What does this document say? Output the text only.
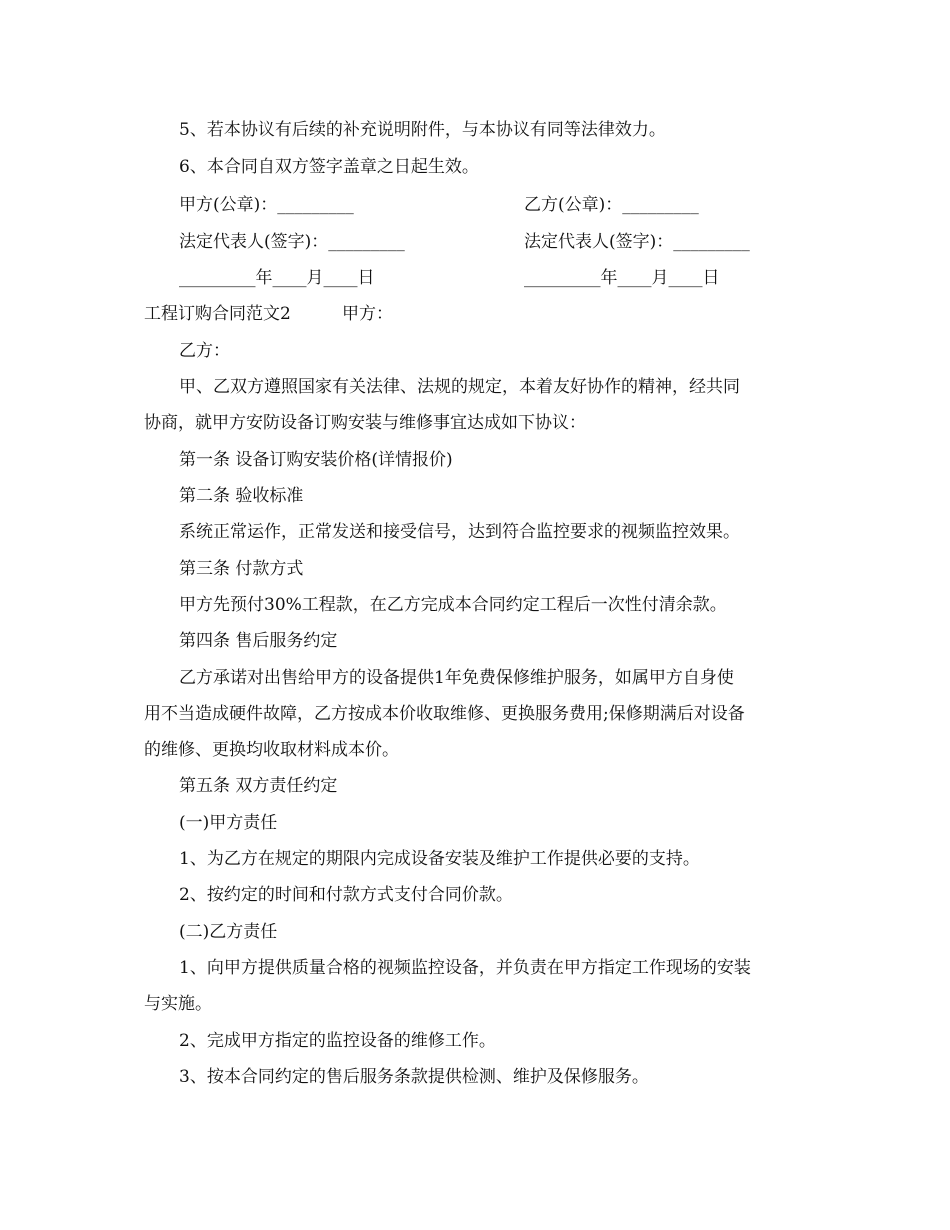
5、若本协议有后续的补充说明附件，与本协议有同等法律效力。
6、本合同自双方签字盖章之日起生效。
甲方(公章)：_________	乙方(公章)：_________
法定代表人(签字)：_________	法定代表人(签字)：_________
_________年____月____日	_________年____月____日
工程订购合同范文2	甲方：
乙方：
甲、乙双方遵照国家有关法律、法规的规定，本着友好协作的精神，经共同
协商，就甲方安防设备订购安装与维修事宜达成如下协议：
第一条 设备订购安装价格(详情报价)
第二条 验收标准
系统正常运作，正常发送和接受信号，达到符合监控要求的视频监控效果。
第三条 付款方式
甲方先预付30%工程款，在乙方完成本合同约定工程后一次性付清余款。
第四条 售后服务约定
乙方承诺对出售给甲方的设备提供1年免费保修维护服务，如属甲方自身使
用不当造成硬件故障，乙方按成本价收取维修、更换服务费用;保修期满后对设备
的维修、更换均收取材料成本价。
第五条 双方责任约定
(一)甲方责任
1、为乙方在规定的期限内完成设备安装及维护工作提供必要的支持。
2、按约定的时间和付款方式支付合同价款。
(二)乙方责任
1、向甲方提供质量合格的视频监控设备，并负责在甲方指定工作现场的安装
与实施。
2、完成甲方指定的监控设备的维修工作。
3、按本合同约定的售后服务条款提供检测、维护及保修服务。
